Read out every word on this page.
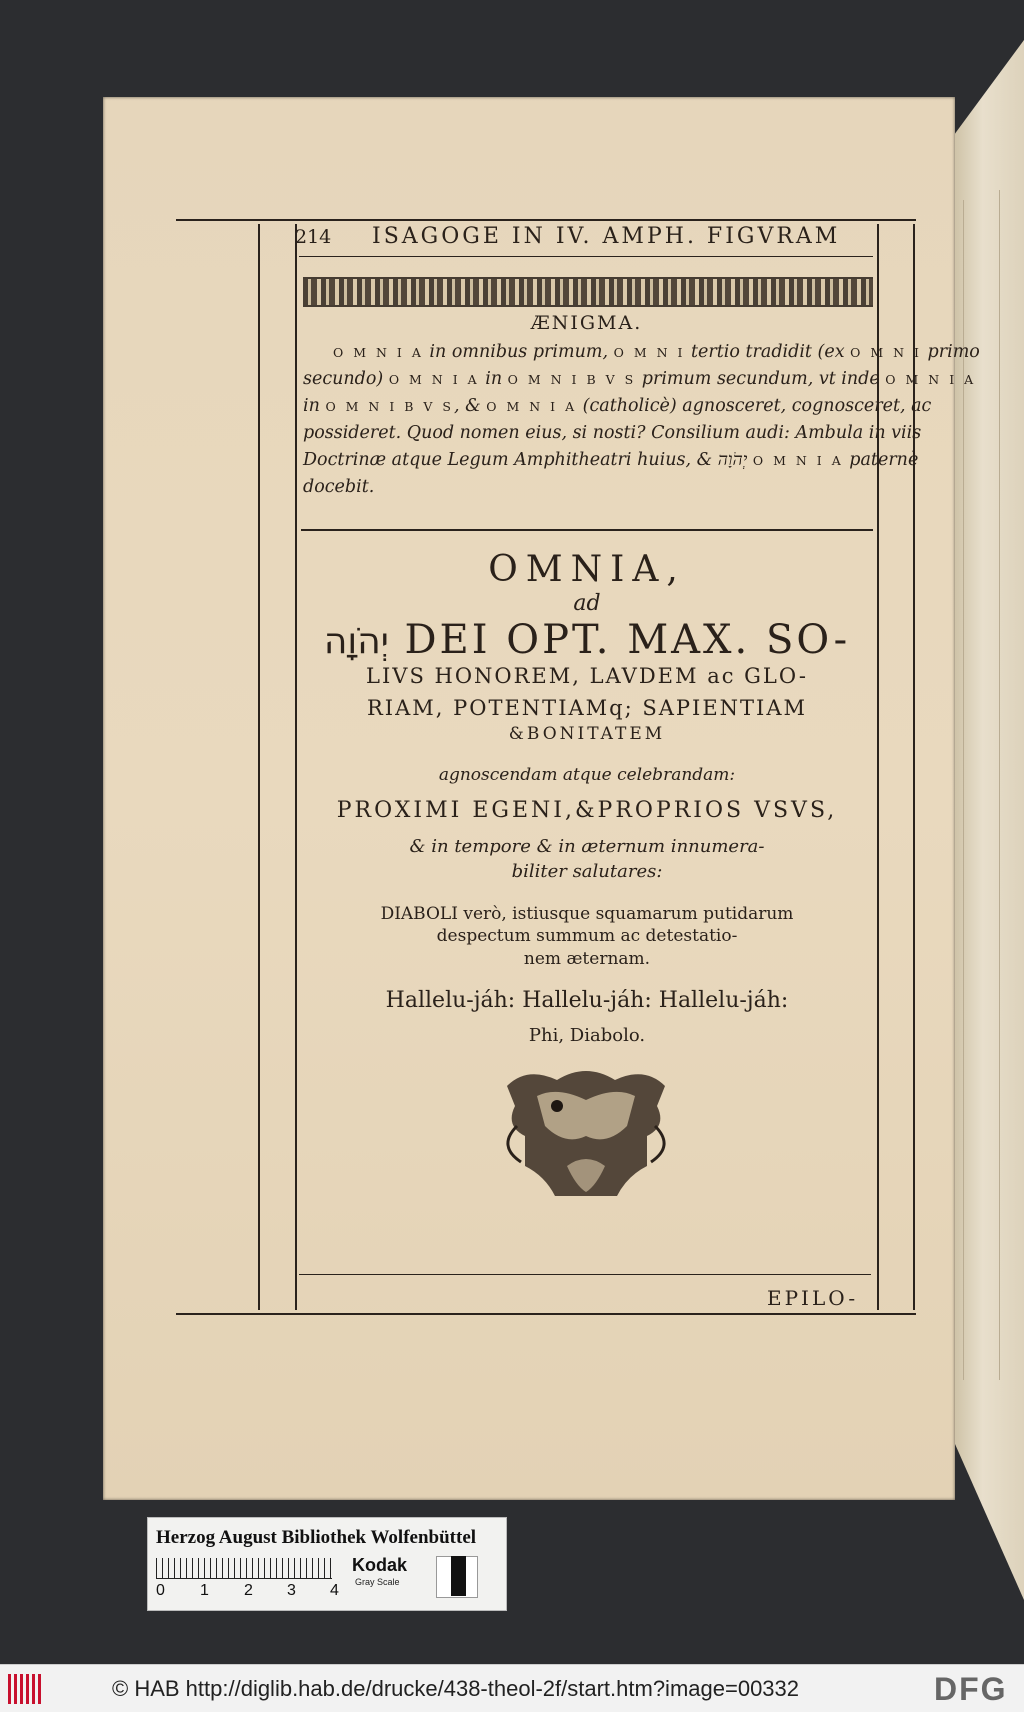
214 ISAGOGE IN IV. AMPH. FIGVRAM
ÆNIGMA.
O M N I A in omnibus primum, O M N I tertio tradidit (ex O M N I primo
secundo) O M N I A in O M N I B V S primum secundum, vt inde O M N I A
in O M N I B V S, & O M N I A (catholicè) agnosceret, cognosceret, ac
possideret. Quod nomen eius, si nosti? Consilium audi: Ambula in viis
Doctrinæ atque Legum Amphitheatri huius, & יְהֹוָה O M N I A paternè
docebit.
OMNIA,
ad
יְהֹוָה DEI OPT. MAX. SO-
LIVS HONOREM, LAVDEM ac GLO-
RIAM, POTENTIAMq; SAPIENTIAM
&BONITATEM
agnoscendam atque celebrandam:
PROXIMI EGENI,&PROPRIOS VSVS,
& in tempore & in æternum innumera-
biliter salutares:
DIABOLI verò, istiusque squamarum putidarum
despectum summum ac detestatio-
nem æternam.
Hallelu-jáh: Hallelu-jáh: Hallelu-jáh:
Phi, Diabolo.
EPILO-
Herzog August Bibliothek Wolfenbüttel
0 1 2 3 4
Kodak
Gray Scale
© HAB http://diglib.hab.de/drucke/438-theol-2f/start.htm?image=00332	DFG
